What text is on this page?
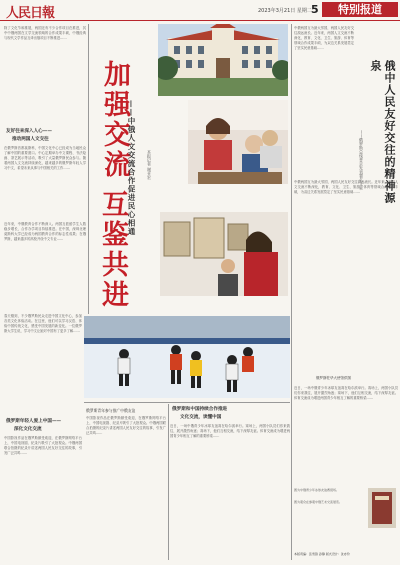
人民日報	2023年3月21日 星期二 5	特别报道
除了文化节和推展，两国还有不少合作项目在推进，其中中俄两国在文学交流领域的合作成果丰硕，中俄经典与现代文学作品互译出版项目不断推进……
友好往来深入人心——
推动两国人文交往
在俄罗斯首都莫斯科，中国文化中心已经成为当地民众了解中国的重要窗口。中心定期举办中文课程、书法绘画、茶艺展示等活动，吸引了大量俄罗斯民众参与。随着两国人文交流持续深化，越来越多的俄罗斯年轻人学习中文，希望未来从事与中国相关的工作……
近年来，中俄教育合作不断深入。两国互派留学生人数稳步增长，合作办学项目持续推进。在中国，深圳北理莫斯科大学已经成为两国教育合作的标志性成果；在俄罗斯，越来越多的高校开设中文专业……
加强交流
互鉴共进
——中俄人文交流合作促进民心相通	本报记者 谢亚宏
中俄两国互为最大邻国，两国人民友好交往源远流长。近年来，两国人文交流不断深化，教育、文化、卫生、旅游、体育等领域合作成果丰硕，为双边关系发展奠定了坚实民意基础……
俄中人民友好交往的精神源泉
——俄罗斯总统普京发表署名文章
中俄两国互为最大邻国，两国人民友好交往源远流长。近年来，两国人文交流不断深化，教育、文化、卫生、旅游、体育等领域合作成果丰硕，为双边关系发展奠定了坚实民意基础……
俄罗斯驻华大使馆供图
春天刚到，不少俄罗斯民众走进中国文化中心，参加各类文化体验活动。在这里，他们可以学习汉语、体验中国传统文化，感受中国发展的新变化。一位俄罗斯大学生说，学习中文让她对中国有了更多了解……
俄罗斯年轻人爱上中国——
深化文化交流
中国影视作品在俄罗斯颇受欢迎，在俄罗斯网络平台上，中国电视剧、纪录片吸引了大批观众。中俄两国联合拍摄的纪录片讲述两国人民友好交往的故事，引发广泛共鸣……
俄罗斯青年参与推广中俄友谊
中国影视作品在俄罗斯颇受欢迎，在俄罗斯网络平台上，中国电视剧、纪录片吸引了大批观众。中俄两国联合拍摄的纪录片讲述两国人民友好交往的故事，引发广泛共鸣……
俄罗斯和中国持续合作推进
文化交流，读懂中国
近日，一场中俄青少年冰球友谊赛在哈尔滨举行。赛场上，两国小队员们你来我往，展开激烈角逐；赛场下，他们互相交流，结下深厚友谊。体育交流成为增进两国青少年相互了解的重要桥梁……
近日，一场中俄青少年冰球友谊赛在哈尔滨举行。赛场上，两国小队员们你来我往，展开激烈角逐；赛场下，他们互相交流，结下深厚友谊。体育交流成为增进两国青少年相互了解的重要桥梁……
图为中俄青少年冰球友谊赛现场。
图为观众在参观中俄艺术交流展览。
本版责编：张雪锋 孙静 版式设计：沈亦伶
